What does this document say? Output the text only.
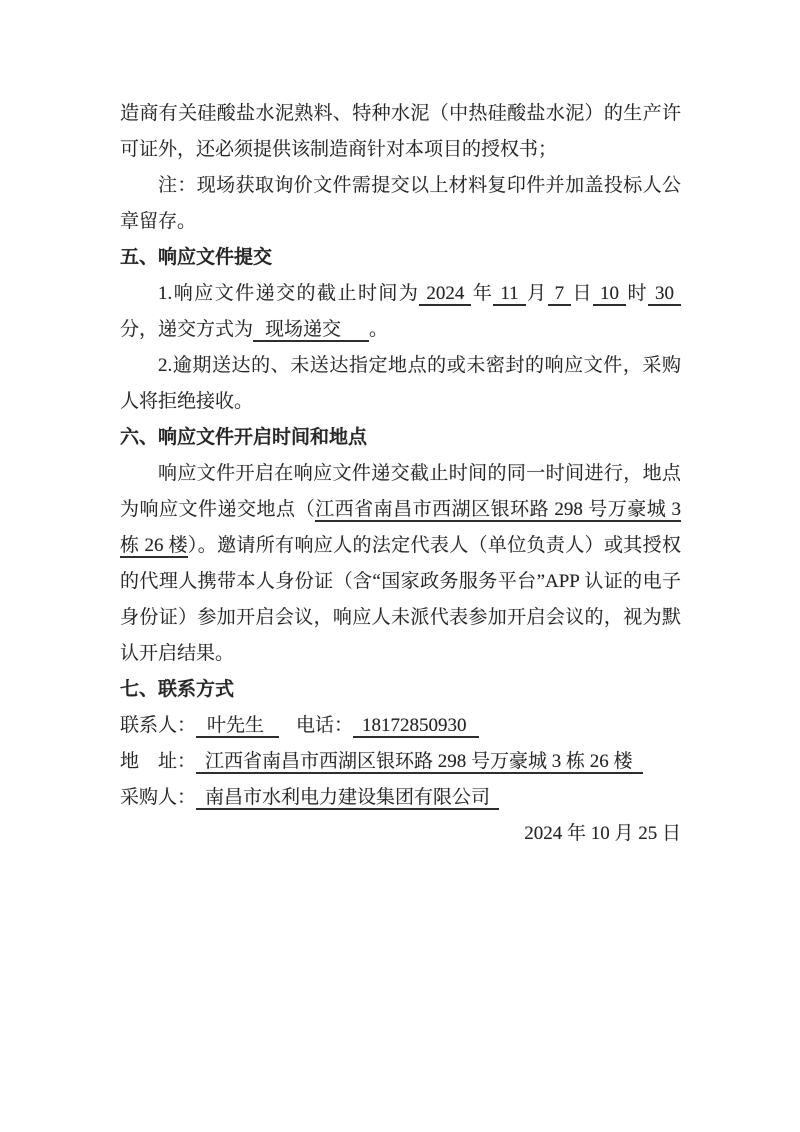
造商有关硅酸盐水泥熟料、特种水泥（中热硅酸盐水泥）的生产许可证外，还必须提供该制造商针对本项目的授权书；

注：现场获取询价文件需提交以上材料复印件并加盖投标人公章留存。

五、响应文件提交

1.响应文件递交的截止时间为 2024 年 11 月 7 日 10 时 30分，递交方式为 现场递交 。

2.逾期送达的、未送达指定地点的或未密封的响应文件，采购人将拒绝接收。

六、响应文件开启时间和地点

响应文件开启在响应文件递交截止时间的同一时间进行，地点为响应文件递交地点（江西省南昌市西湖区银环路 298 号万豪城 3 栋 26 楼）。邀请所有响应人的法定代表人（单位负责人）或其授权的代理人携带本人身份证（含“国家政务服务平台”APP 认证的电子身份证）参加开启会议，响应人未派代表参加开启会议的，视为默认开启结果。

七、联系方式

联系人： 叶先生 电话： 18172850930

地　址： 江西省南昌市西湖区银环路 298 号万豪城 3 栋 26 楼

采购人： 南昌市水利电力建设集团有限公司

2024 年 10 月 25 日
